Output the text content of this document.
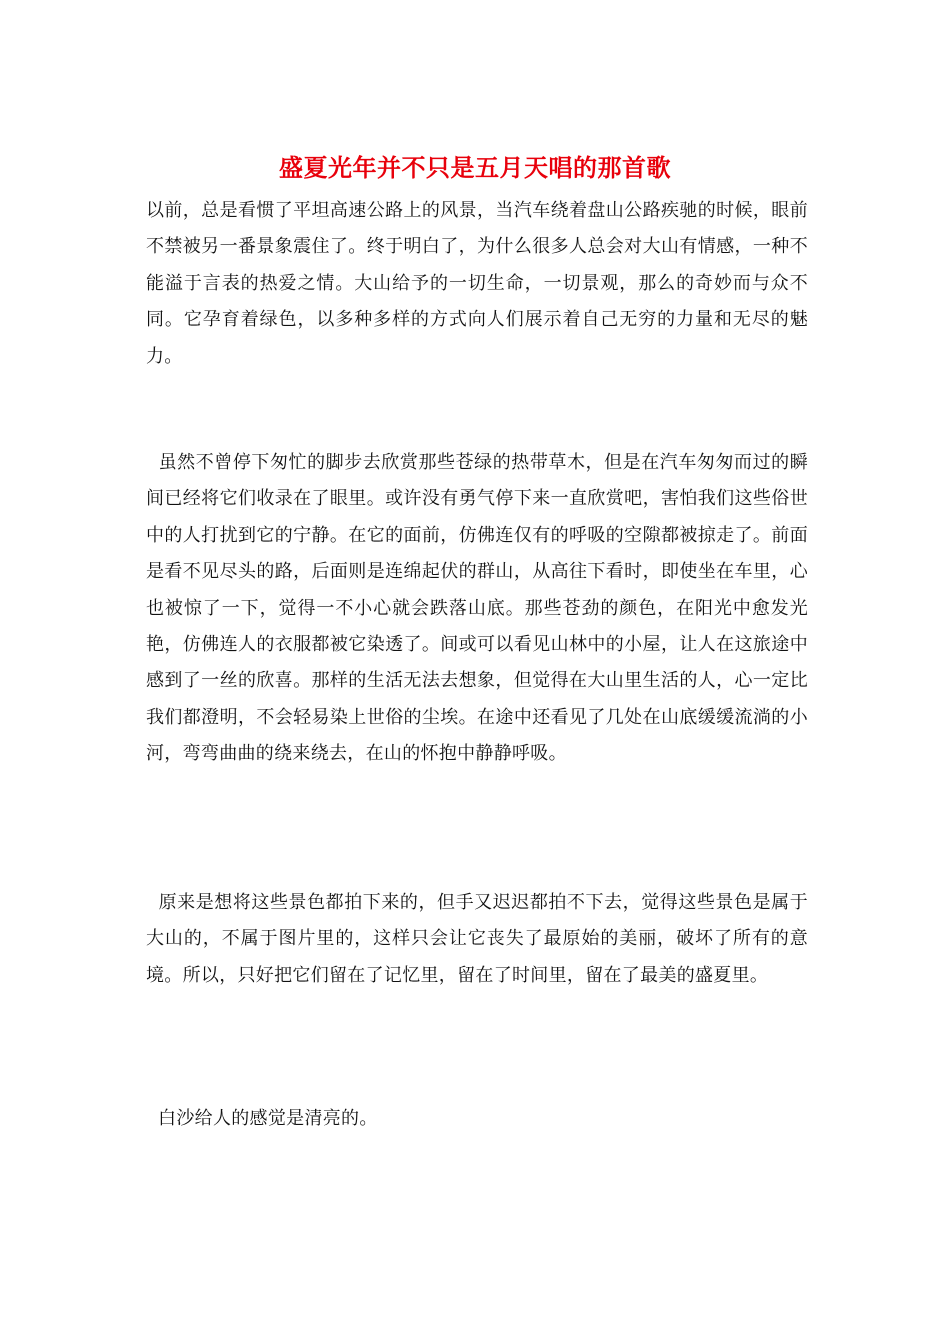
盛夏光年并不只是五月天唱的那首歌

以前，总是看惯了平坦高速公路上的风景，当汽车绕着盘山公路疾驰的时候，眼前不禁被另一番景象震住了。终于明白了，为什么很多人总会对大山有情感，一种不能溢于言表的热爱之情。大山给予的一切生命，一切景观，那么的奇妙而与众不同。它孕育着绿色，以多种多样的方式向人们展示着自己无穷的力量和无尽的魅力。

虽然不曾停下匆忙的脚步去欣赏那些苍绿的热带草木，但是在汽车匆匆而过的瞬间已经将它们收录在了眼里。或许没有勇气停下来一直欣赏吧，害怕我们这些俗世中的人打扰到它的宁静。在它的面前，仿佛连仅有的呼吸的空隙都被掠走了。前面是看不见尽头的路，后面则是连绵起伏的群山，从高往下看时，即使坐在车里，心也被惊了一下，觉得一不小心就会跌落山底。那些苍劲的颜色，在阳光中愈发光艳，仿佛连人的衣服都被它染透了。间或可以看见山林中的小屋，让人在这旅途中感到了一丝的欣喜。那样的生活无法去想象，但觉得在大山里生活的人，心一定比我们都澄明，不会轻易染上世俗的尘埃。在途中还看见了几处在山底缓缓流淌的小河，弯弯曲曲的绕来绕去，在山的怀抱中静静呼吸。

原来是想将这些景色都拍下来的，但手又迟迟都拍不下去，觉得这些景色是属于大山的，不属于图片里的，这样只会让它丧失了最原始的美丽，破坏了所有的意境。所以，只好把它们留在了记忆里，留在了时间里，留在了最美的盛夏里。

白沙给人的感觉是清亮的。
